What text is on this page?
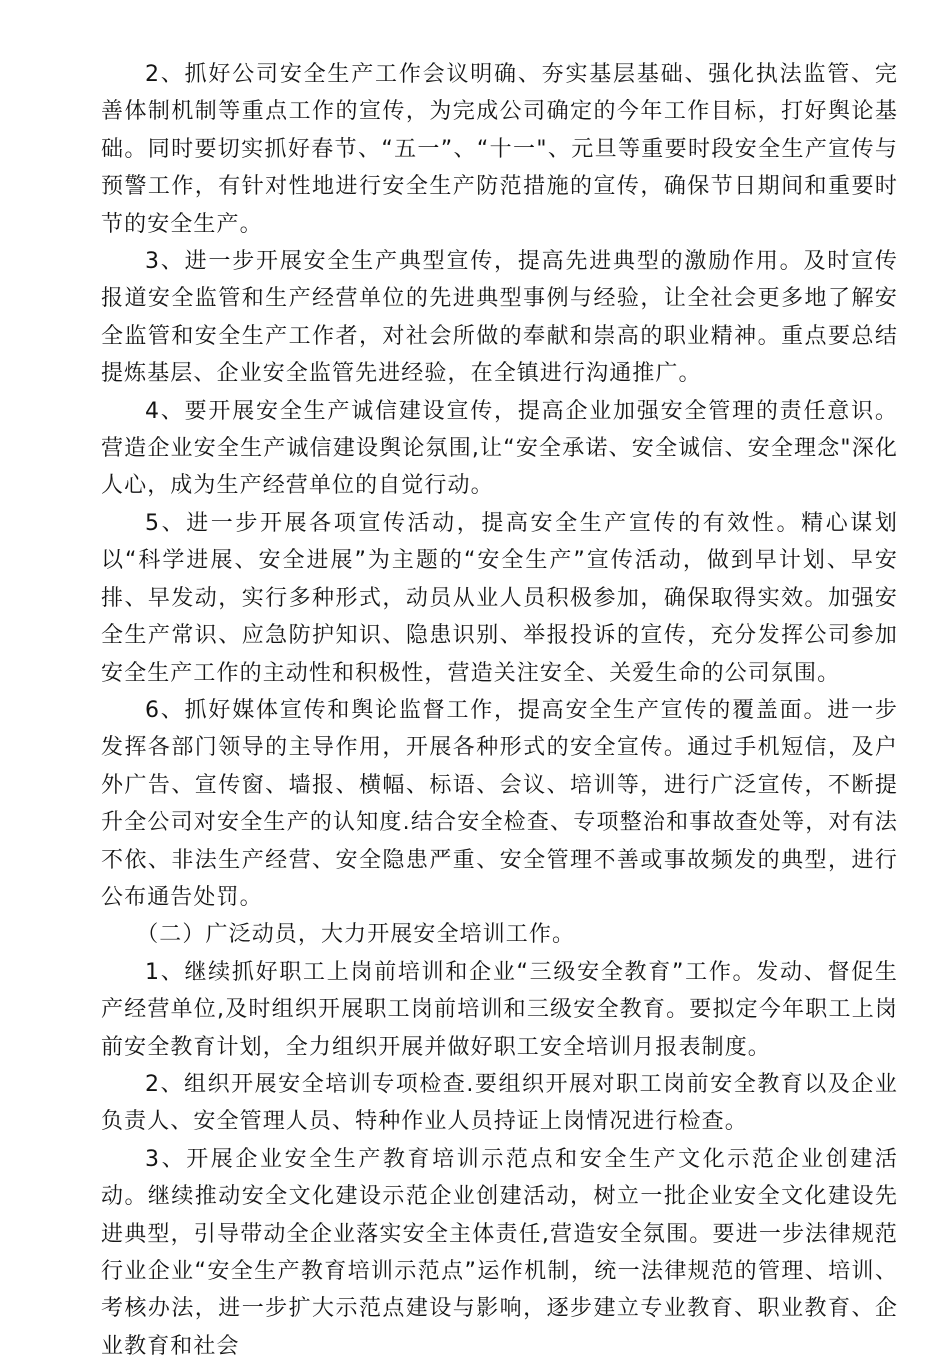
2、抓好公司安全生产工作会议明确、夯实基层基础、强化执法监管、完善体制机制等重点工作的宣传，为完成公司确定的今年工作目标，打好舆论基础。同时要切实抓好春节、“五一”、“十一"、元旦等重要时段安全生产宣传与预警工作，有针对性地进行安全生产防范措施的宣传，确保节日期间和重要时节的安全生产。

3、进一步开展安全生产典型宣传，提高先进典型的激励作用。及时宣传报道安全监管和生产经营单位的先进典型事例与经验，让全社会更多地了解安全监管和安全生产工作者，对社会所做的奉献和崇高的职业精神。重点要总结提炼基层、企业安全监管先进经验，在全镇进行沟通推广。

4、要开展安全生产诚信建设宣传，提高企业加强安全管理的责任意识。营造企业安全生产诚信建设舆论氛围,让“安全承诺、安全诚信、安全理念"深化人心，成为生产经营单位的自觉行动。

5、进一步开展各项宣传活动，提高安全生产宣传的有效性。精心谋划以“科学进展、安全进展”为主题的“安全生产”宣传活动，做到早计划、早安排、早发动，实行多种形式，动员从业人员积极参加，确保取得实效。加强安全生产常识、应急防护知识、隐患识别、举报投诉的宣传，充分发挥公司参加安全生产工作的主动性和积极性，营造关注安全、关爱生命的公司氛围。

6、抓好媒体宣传和舆论监督工作，提高安全生产宣传的覆盖面。进一步发挥各部门领导的主导作用，开展各种形式的安全宣传。通过手机短信，及户外广告、宣传窗、墙报、横幅、标语、会议、培训等，进行广泛宣传，不断提升全公司对安全生产的认知度.结合安全检查、专项整治和事故查处等，对有法不依、非法生产经营、安全隐患严重、安全管理不善或事故频发的典型，进行公布通告处罚。

（二）广泛动员，大力开展安全培训工作。

1、继续抓好职工上岗前培训和企业“三级安全教育”工作。发动、督促生产经营单位,及时组织开展职工岗前培训和三级安全教育。要拟定今年职工上岗前安全教育计划，全力组织开展并做好职工安全培训月报表制度。

2、组织开展安全培训专项检查.要组织开展对职工岗前安全教育以及企业负责人、安全管理人员、特种作业人员持证上岗情况进行检查。

3、开展企业安全生产教育培训示范点和安全生产文化示范企业创建活动。继续推动安全文化建设示范企业创建活动，树立一批企业安全文化建设先进典型，引导带动全企业落实安全主体责任,营造安全氛围。要进一步法律规范行业企业“安全生产教育培训示范点”运作机制，统一法律规范的管理、培训、考核办法，进一步扩大示范点建设与影响，逐步建立专业教育、职业教育、企业教育和社会
